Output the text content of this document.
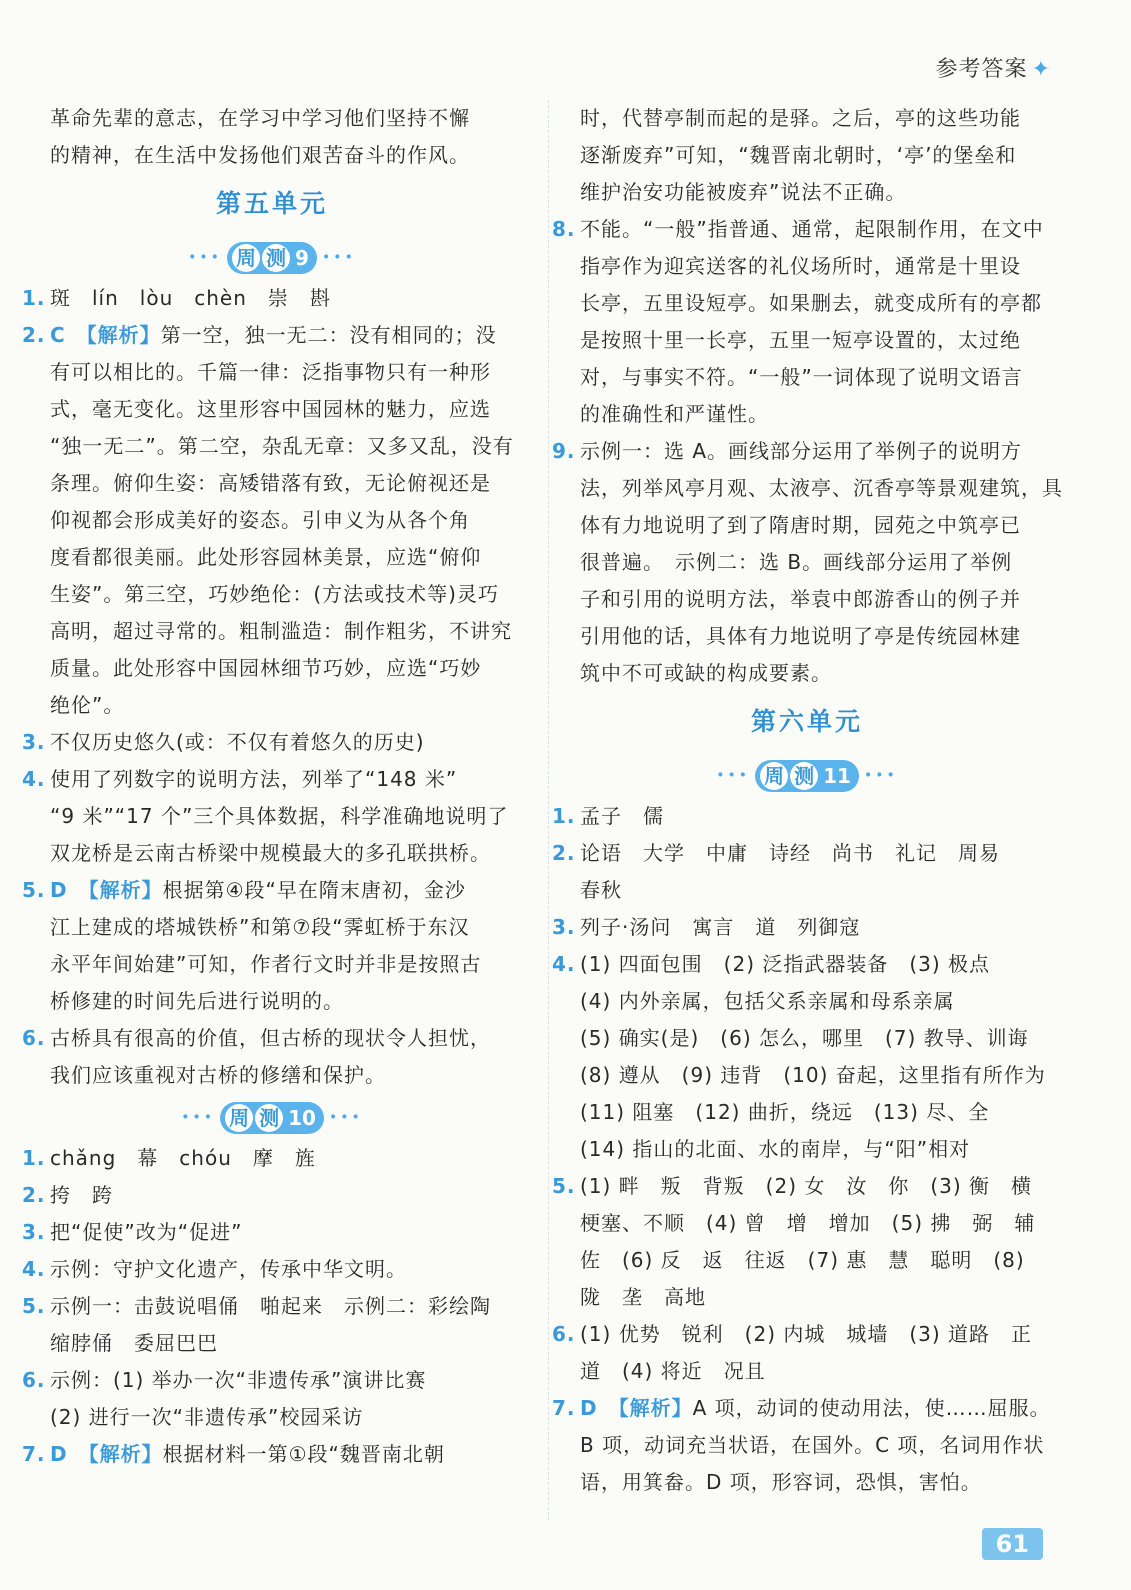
参考答案 ✦
革命先辈的意志，在学习中学习他们坚持不懈
的精神，在生活中发扬他们艰苦奋斗的作风。
第五单元
••• 周 测 9 •••
1. 斑　lín　lòu　chèn　崇　斟
2. C　【解析】第一空，独一无二：没有相同的；没
有可以相比的。千篇一律：泛指事物只有一种形
式，毫无变化。这里形容中国园林的魅力，应选
“独一无二”。第二空，杂乱无章：又多又乱，没有
条理。俯仰生姿：高矮错落有致，无论俯视还是
仰视都会形成美好的姿态。引申义为从各个角
度看都很美丽。此处形容园林美景，应选“俯仰
生姿”。第三空，巧妙绝伦：(方法或技术等)灵巧
高明，超过寻常的。粗制滥造：制作粗劣，不讲究
质量。此处形容中国园林细节巧妙，应选“巧妙
绝伦”。
3. 不仅历史悠久(或：不仅有着悠久的历史)
4. 使用了列数字的说明方法，列举了“148 米”
“9 米”“17 个”三个具体数据，科学准确地说明了
双龙桥是云南古桥梁中规模最大的多孔联拱桥。
5. D　【解析】根据第④段“早在隋末唐初，金沙
江上建成的塔城铁桥”和第⑦段“霁虹桥于东汉
永平年间始建”可知，作者行文时并非是按照古
桥修建的时间先后进行说明的。
6. 古桥具有很高的价值，但古桥的现状令人担忧，
我们应该重视对古桥的修缮和保护。
••• 周 测 10 •••
1. chǎng　幕　chóu　摩　旌
2. 挎　跨
3. 把“促使”改为“促进”
4. 示例：守护文化遗产，传承中华文明。
5. 示例一：击鼓说唱俑　啪起来　示例二：彩绘陶
缩脖俑　委屈巴巴
6. 示例：(1) 举办一次“非遗传承”演讲比赛
(2) 进行一次“非遗传承”校园采访
7. D　【解析】根据材料一第①段“魏晋南北朝
时，代替亭制而起的是驿。之后，亭的这些功能
逐渐废弃”可知，“魏晋南北朝时，‘亭’的堡垒和
维护治安功能被废弃”说法不正确。
8. 不能。“一般”指普通、通常，起限制作用，在文中
指亭作为迎宾送客的礼仪场所时，通常是十里设
长亭，五里设短亭。如果删去，就变成所有的亭都
是按照十里一长亭，五里一短亭设置的，太过绝
对，与事实不符。“一般”一词体现了说明文语言
的准确性和严谨性。
9. 示例一：选 A。画线部分运用了举例子的说明方
法，列举风亭月观、太液亭、沉香亭等景观建筑，具
体有力地说明了到了隋唐时期，园苑之中筑亭已
很普遍。　示例二：选 B。画线部分运用了举例
子和引用的说明方法，举袁中郎游香山的例子并
引用他的话，具体有力地说明了亭是传统园林建
筑中不可或缺的构成要素。
第六单元
••• 周 测 11 •••
1. 孟子　儒
2. 论语　大学　中庸　诗经　尚书　礼记　周易
春秋
3. 列子·汤问　寓言　道　列御寇
4. (1) 四面包围　(2) 泛指武器装备　(3) 极点
(4) 内外亲属，包括父系亲属和母系亲属
(5) 确实(是)　(6) 怎么，哪里　(7) 教导、训诲
(8) 遵从　(9) 违背　(10) 奋起，这里指有所作为
(11) 阻塞　(12) 曲折，绕远　(13) 尽、全
(14) 指山的北面、水的南岸，与“阳”相对
5. (1) 畔　叛　背叛　(2) 女　汝　你　(3) 衡　横
梗塞、不顺　(4) 曾　增　增加　(5) 拂　弼　辅
佐　(6) 反　返　往返　(7) 惠　慧　聪明　(8)
陇　垄　高地
6. (1) 优势　锐利　(2) 内城　城墙　(3) 道路　正
道　(4) 将近　况且
7. D　【解析】A 项，动词的使动用法，使……屈服。
B 项，动词充当状语，在国外。C 项，名词用作状
语，用箕畚。D 项，形容词，恐惧，害怕。
61
